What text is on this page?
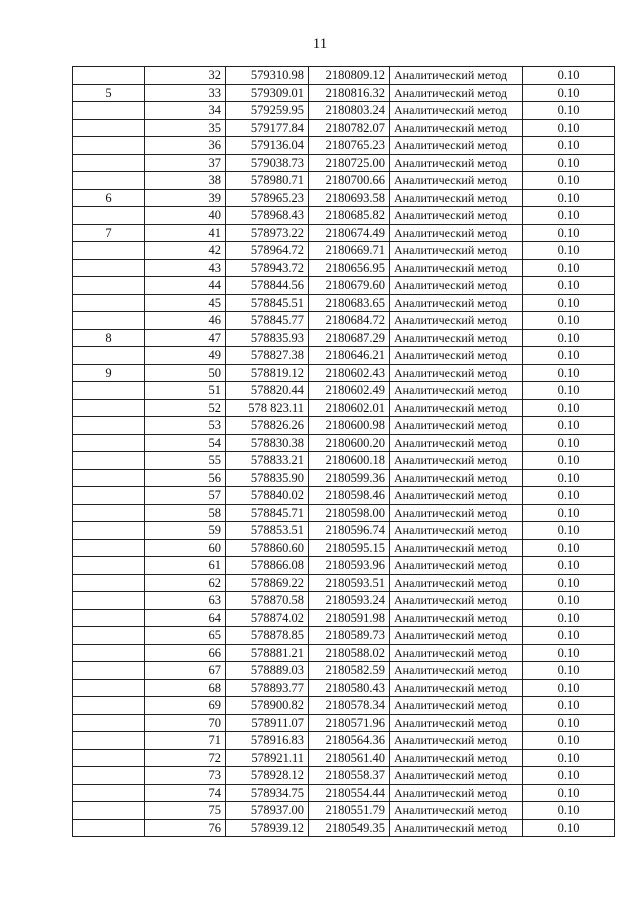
11
	32	579310.98	2180809.12	Аналитический метод	0.10
5	33	579309.01	2180816.32	Аналитический метод	0.10
	34	579259.95	2180803.24	Аналитический метод	0.10
	35	579177.84	2180782.07	Аналитический метод	0.10
	36	579136.04	2180765.23	Аналитический метод	0.10
	37	579038.73	2180725.00	Аналитический метод	0.10
	38	578980.71	2180700.66	Аналитический метод	0.10
6	39	578965.23	2180693.58	Аналитический метод	0.10
	40	578968.43	2180685.82	Аналитический метод	0.10
7	41	578973.22	2180674.49	Аналитический метод	0.10
	42	578964.72	2180669.71	Аналитический метод	0.10
	43	578943.72	2180656.95	Аналитический метод	0.10
	44	578844.56	2180679.60	Аналитический метод	0.10
	45	578845.51	2180683.65	Аналитический метод	0.10
	46	578845.77	2180684.72	Аналитический метод	0.10
8	47	578835.93	2180687.29	Аналитический метод	0.10
	49	578827.38	2180646.21	Аналитический метод	0.10
9	50	578819.12	2180602.43	Аналитический метод	0.10
	51	578820.44	2180602.49	Аналитический метод	0.10
	52	578 823.11	2180602.01	Аналитический метод	0.10
	53	578826.26	2180600.98	Аналитический метод	0.10
	54	578830.38	2180600.20	Аналитический метод	0.10
	55	578833.21	2180600.18	Аналитический метод	0.10
	56	578835.90	2180599.36	Аналитический метод	0.10
	57	578840.02	2180598.46	Аналитический метод	0.10
	58	578845.71	2180598.00	Аналитический метод	0.10
	59	578853.51	2180596.74	Аналитический метод	0.10
	60	578860.60	2180595.15	Аналитический метод	0.10
	61	578866.08	2180593.96	Аналитический метод	0.10
	62	578869.22	2180593.51	Аналитический метод	0.10
	63	578870.58	2180593.24	Аналитический метод	0.10
	64	578874.02	2180591.98	Аналитический метод	0.10
	65	578878.85	2180589.73	Аналитический метод	0.10
	66	578881.21	2180588.02	Аналитический метод	0.10
	67	578889.03	2180582.59	Аналитический метод	0.10
	68	578893.77	2180580.43	Аналитический метод	0.10
	69	578900.82	2180578.34	Аналитический метод	0.10
	70	578911.07	2180571.96	Аналитический метод	0.10
	71	578916.83	2180564.36	Аналитический метод	0.10
	72	578921.11	2180561.40	Аналитический метод	0.10
	73	578928.12	2180558.37	Аналитический метод	0.10
	74	578934.75	2180554.44	Аналитический метод	0.10
	75	578937.00	2180551.79	Аналитический метод	0.10
	76	578939.12	2180549.35	Аналитический метод	0.10
